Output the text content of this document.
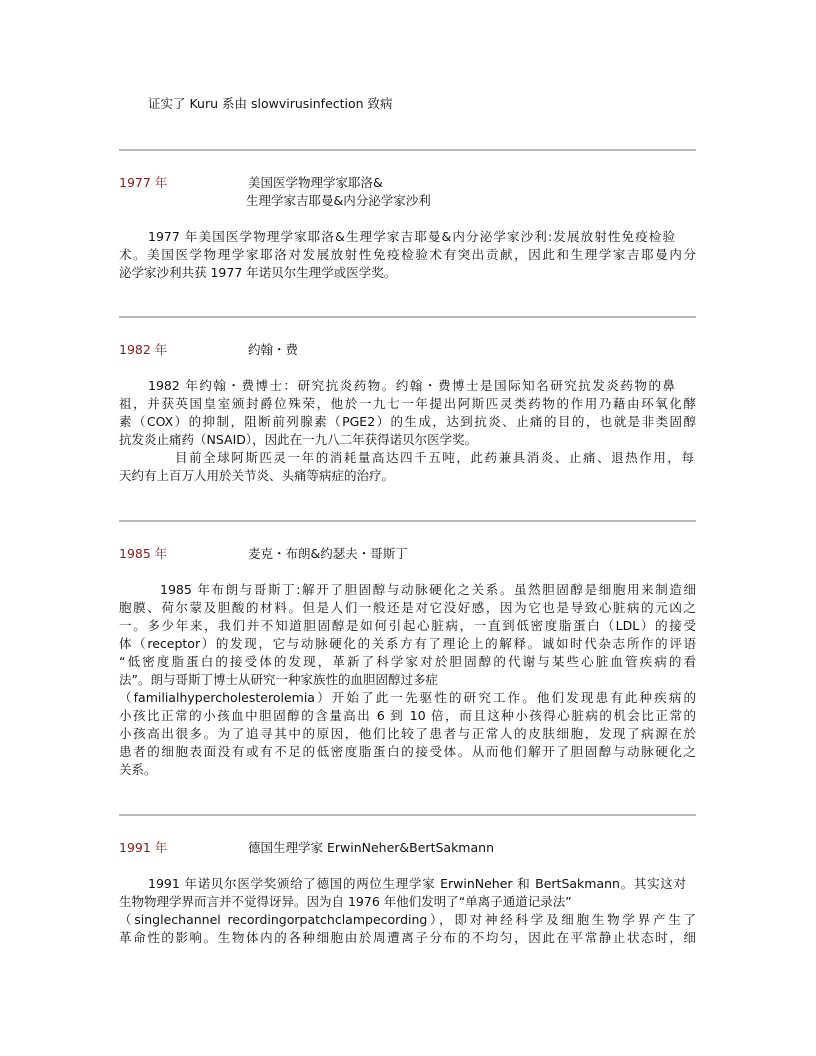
证实了 Kuru 系由 slowvirusinfection 致病
1977 年	美国医学物理学家耶洛&
生理学家吉耶曼&内分泌学家沙利
1977 年美国医学物理学家耶洛&生理学家吉耶曼&内分泌学家沙利:发展放射性免疫检验
术。美国医学物理学家耶洛对发展放射性免疫检验术有突出贡献，因此和生理学家吉耶曼内分
泌学家沙利共获 1977 年诺贝尔生理学或医学奖。
1982 年	约翰・费
1982 年约翰・费博士：研究抗炎药物。约翰・费博士是国际知名研究抗发炎药物的鼻
祖，并获英国皇室颁封爵位殊荣，他於一九七一年提出阿斯匹灵类药物的作用乃藉由环氧化酵
素（COX）的抑制，阻断前列腺素（PGE2）的生成，达到抗炎、止痛的目的，也就是非类固醇
抗发炎止痛药（NSAID），因此在一九八二年获得诺贝尔医学奖。
目前全球阿斯匹灵一年的消耗量高达四千五吨，此药兼具消炎、止痛、退热作用，每
天约有上百万人用於关节炎、头痛等病症的治疗。
1985 年	麦克・布朗&约瑟夫・哥斯丁
1985 年布朗与哥斯丁:解开了胆固醇与动脉硬化之关系。虽然胆固醇是细胞用来制造细
胞膜、荷尔蒙及胆酸的材料。但是人们一般还是对它没好感，因为它也是导致心脏病的元凶之
一。多少年来，我们并不知道胆固醇是如何引起心脏病，一直到低密度脂蛋白（LDL）的接受
体（receptor）的发现，它与动脉硬化的关系方有了理论上的解释。诚如时代杂志所作的评语
“低密度脂蛋白的接受体的发现，革新了科学家对於胆固醇的代谢与某些心脏血管疾病的看
法”。朗与哥斯丁博士从研究一种家族性的血胆固醇过多症
（familialhypercholesterolemia）开始了此一先驱性的研究工作。他们发现患有此种疾病的
小孩比正常的小孩血中胆固醇的含量高出 6 到 10 倍，而且这种小孩得心脏病的机会比正常的
小孩高出很多。为了追寻其中的原因，他们比较了患者与正常人的皮肤细胞，发现了病源在於
患者的细胞表面没有或有不足的低密度脂蛋白的接受体。从而他们解开了胆固醇与动脉硬化之
关系。
1991 年	德国生理学家 ErwinNeher&BertSakmann
1991 年诺贝尔医学奖颁给了德国的两位生理学家 ErwinNeher 和 BertSakmann。其实这对
生物物理学界而言并不觉得讶异。因为自 1976 年他们发明了“单离子通道记录法”
（singlechannel recordingorpatchclampecording），即对神经科学及细胞生物学界产生了
革命性的影响。生物体内的各种细胞由於周遭离子分布的不均匀，因此在平常静止状态时，细
